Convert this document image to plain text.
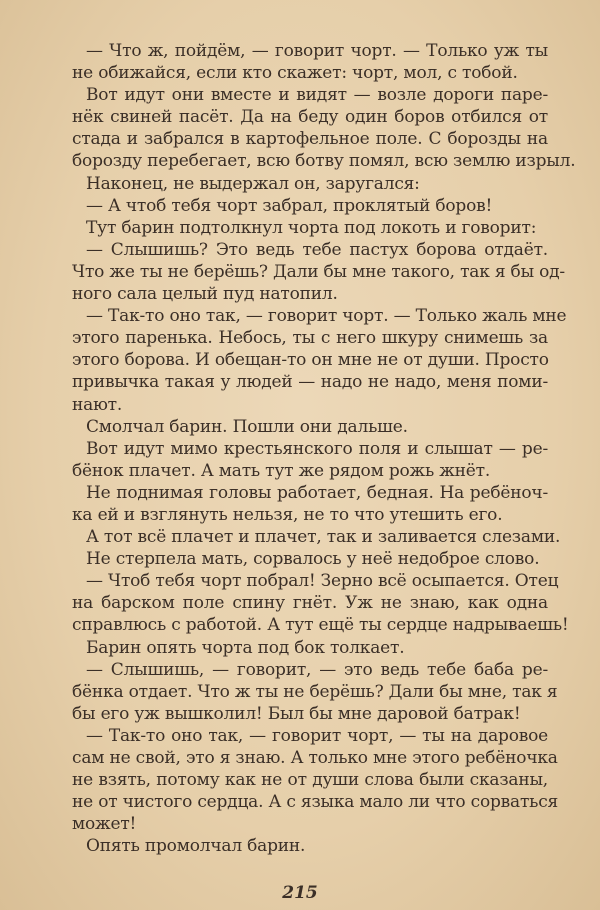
— Что ж, пойдём, — говорит чорт. — Только уж ты
не обижайся, если кто скажет: чорт, мол, с тобой.
Вот идут они вместе и видят — возле дороги паре-
нёк свиней пасёт. Да на беду один боров отбился от
стада и забрался в картофельное поле. С борозды на
борозду перебегает, всю ботву помял, всю землю изрыл.
Наконец, не выдержал он, заругался:
— А чтоб тебя чорт забрал, проклятый боров!
Тут барин подтолкнул чорта под локоть и говорит:
— Слышишь? Это ведь тебе пастух борова отдаёт.
Что же ты не берёшь? Дали бы мне такого, так я бы од-
ного сала целый пуд натопил.
— Так-то оно так, — говорит чорт. — Только жаль мне
этого паренька. Небось, ты с него шкуру снимешь за
этого борова. И обещан-то он мне не от души. Просто
привычка такая у людей — надо не надо, меня поми-
нают.
Смолчал барин. Пошли они дальше.
Вот идут мимо крестьянского поля и слышат — ре-
бёнок плачет. А мать тут же рядом рожь жнёт.
Не поднимая головы работает, бедная. На ребёноч-
ка ей и взглянуть нельзя, не то что утешить его.
А тот всё плачет и плачет, так и заливается слезами.
Не стерпела мать, сорвалось у неё недоброе слово.
— Чтоб тебя чорт побрал! Зерно всё осыпается. Отец
на барском поле спину гнёт. Уж не знаю, как одна
справлюсь с работой. А тут ещё ты сердце надрываешь!
Барин опять чорта под бок толкает.
— Слышишь, — говорит, — это ведь тебе баба ре-
бёнка отдает. Что ж ты не берёшь? Дали бы мне, так я
бы его уж вышколил! Был бы мне даровой батрак!
— Так-то оно так, — говорит чорт, — ты на даровое
сам не свой, это я знаю. А только мне этого ребёночка
не взять, потому как не от души слова были сказаны,
не от чистого сердца. А с языка мало ли что сорваться
может!
Опять промолчал барин.
215
